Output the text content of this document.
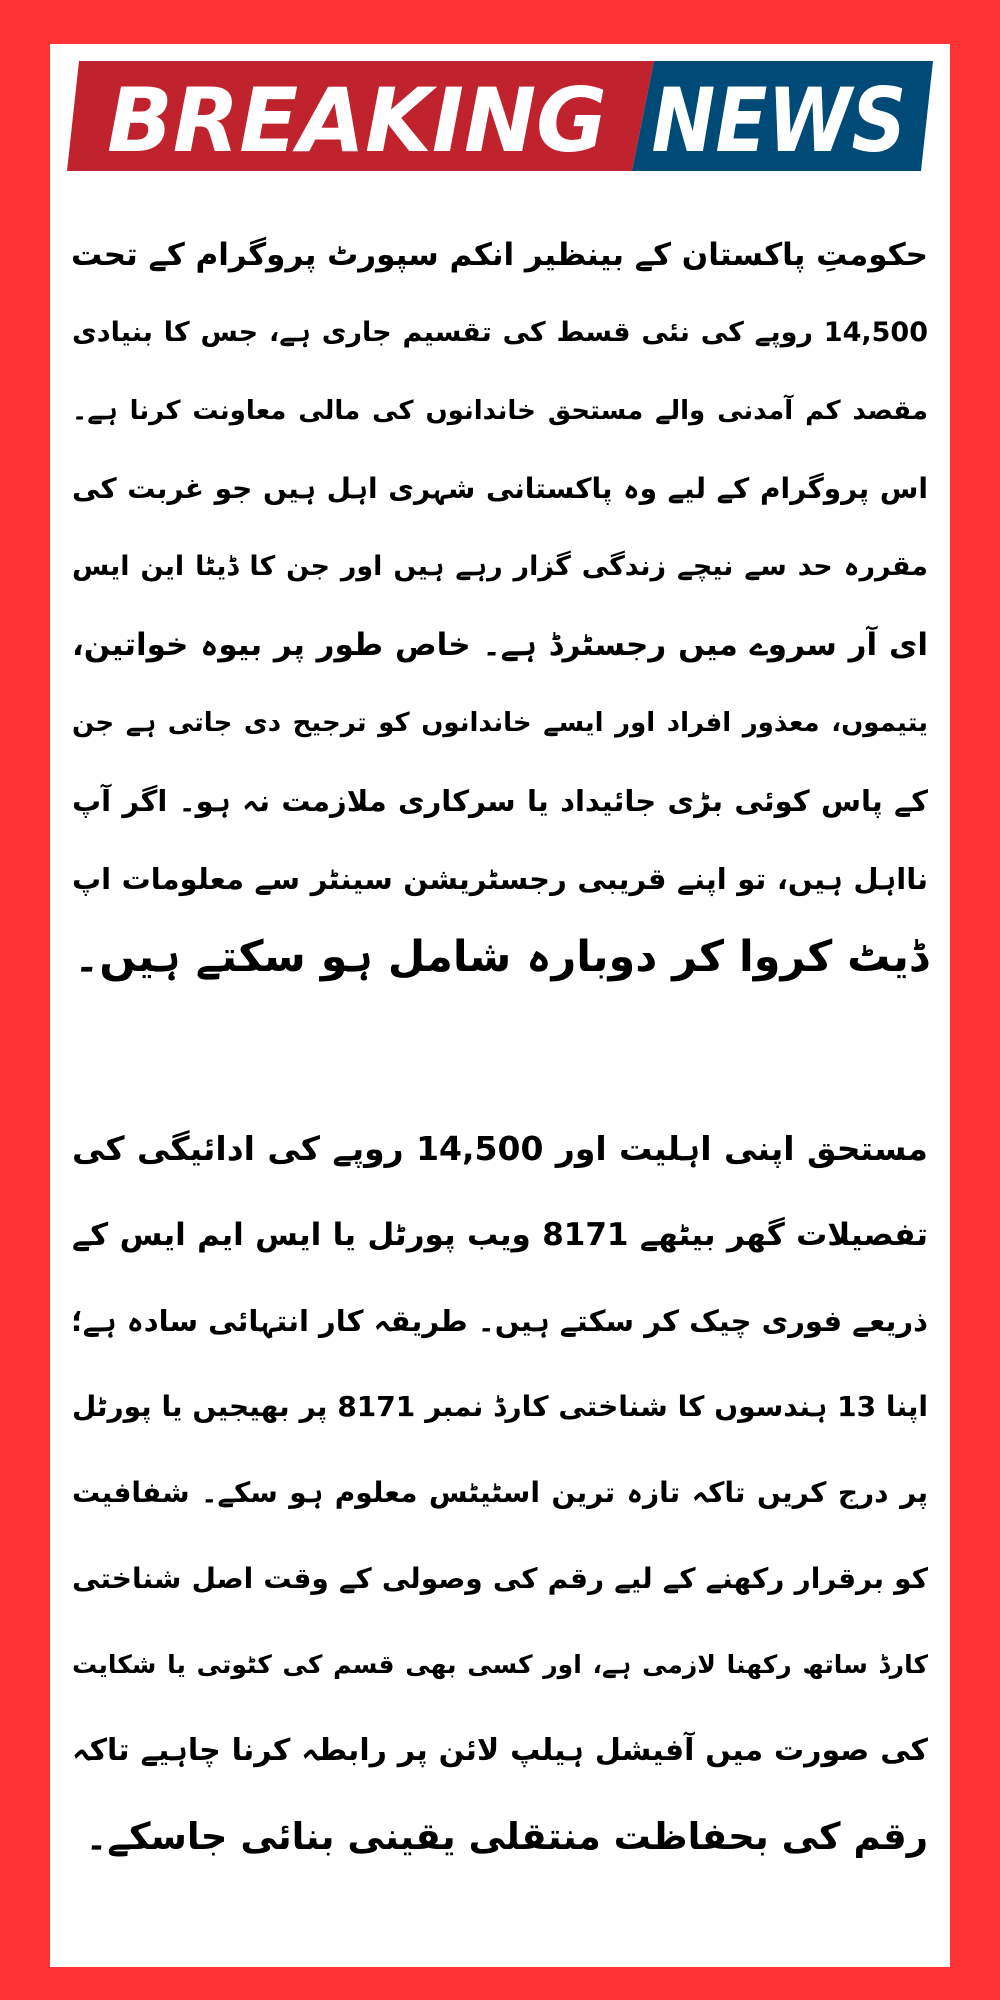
BREAKING NEWS
حکومتِ پاکستان کے بینظیر انکم سپورٹ پروگرام کے تحت
14,500 روپے کی نئی قسط کی تقسیم جاری ہے، جس کا بنیادی
مقصد کم آمدنی والے مستحق خاندانوں کی مالی معاونت کرنا ہے۔
اس پروگرام کے لیے وہ پاکستانی شہری اہل ہیں جو غربت کی
مقررہ حد سے نیچے زندگی گزار رہے ہیں اور جن کا ڈیٹا این ایس
ای آر سروے میں رجسٹرڈ ہے۔ خاص طور پر بیوہ خواتین،
یتیموں، معذور افراد اور ایسے خاندانوں کو ترجیح دی جاتی ہے جن
کے پاس کوئی بڑی جائیداد یا سرکاری ملازمت نہ ہو۔ اگر آپ
نااہل ہیں، تو اپنے قریبی رجسٹریشن سینٹر سے معلومات اپ
ڈیٹ کروا کر دوبارہ شامل ہو سکتے ہیں۔
مستحق اپنی اہلیت اور 14,500 روپے کی ادائیگی کی
تفصیلات گھر بیٹھے 8171 ویب پورٹل یا ایس ایم ایس کے
ذریعے فوری چیک کر سکتے ہیں۔ طریقہ کار انتہائی سادہ ہے؛
اپنا 13 ہندسوں کا شناختی کارڈ نمبر 8171 پر بھیجیں یا پورٹل
پر درج کریں تاکہ تازہ ترین اسٹیٹس معلوم ہو سکے۔ شفافیت
کو برقرار رکھنے کے لیے رقم کی وصولی کے وقت اصل شناختی
کارڈ ساتھ رکھنا لازمی ہے، اور کسی بھی قسم کی کٹوتی یا شکایت
کی صورت میں آفیشل ہیلپ لائن پر رابطہ کرنا چاہیے تاکہ
رقم کی بحفاظت منتقلی یقینی بنائی جاسکے۔
